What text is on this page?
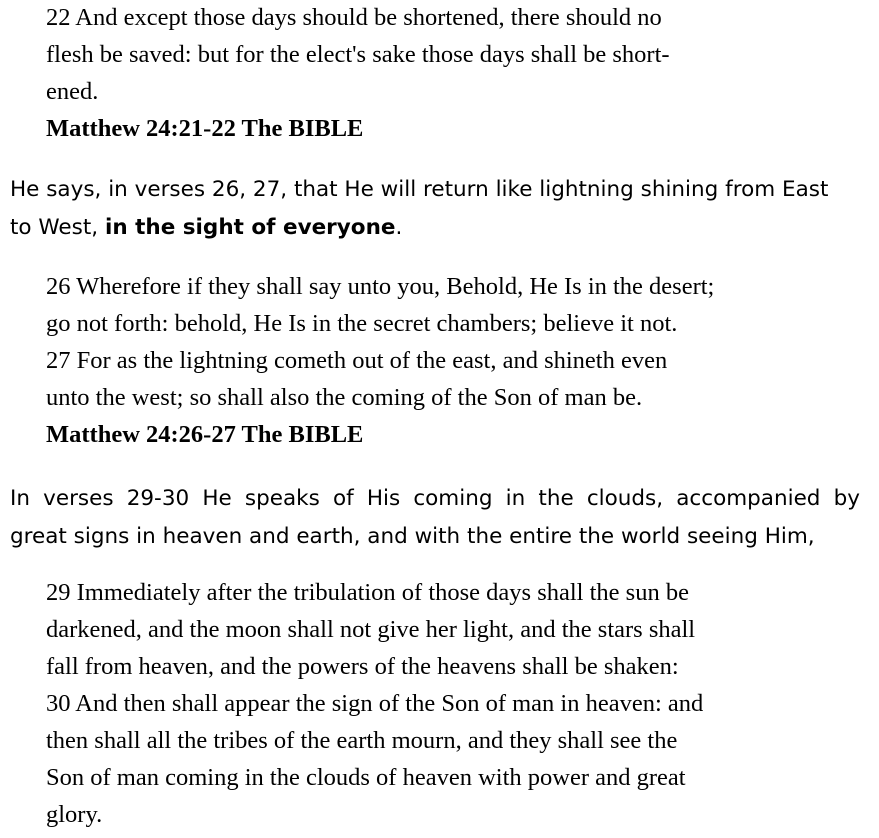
22 And except those days should be shortened, there should no
flesh be saved: but for the elect's sake those days shall be short-
ened.
Matthew 24:21-22 The BIBLE
He says, in verses 26, 27, that He will return like lightning shining from East
to West, in the sight of everyone.
26 Wherefore if they shall say unto you, Behold, He Is in the desert;
go not forth: behold, He Is in the secret chambers; believe it not.
27 For as the lightning cometh out of the east, and shineth even
unto the west; so shall also the coming of the Son of man be.
Matthew 24:26-27 The BIBLE
In verses 29-30 He speaks of His coming in the clouds, accompanied by
great signs in heaven and earth, and with the entire the world seeing Him,
29 Immediately after the tribulation of those days shall the sun be
darkened, and the moon shall not give her light, and the stars shall
fall from heaven, and the powers of the heavens shall be shaken:
30 And then shall appear the sign of the Son of man in heaven: and
then shall all the tribes of the earth mourn, and they shall see the
Son of man coming in the clouds of heaven with power and great
glory.
